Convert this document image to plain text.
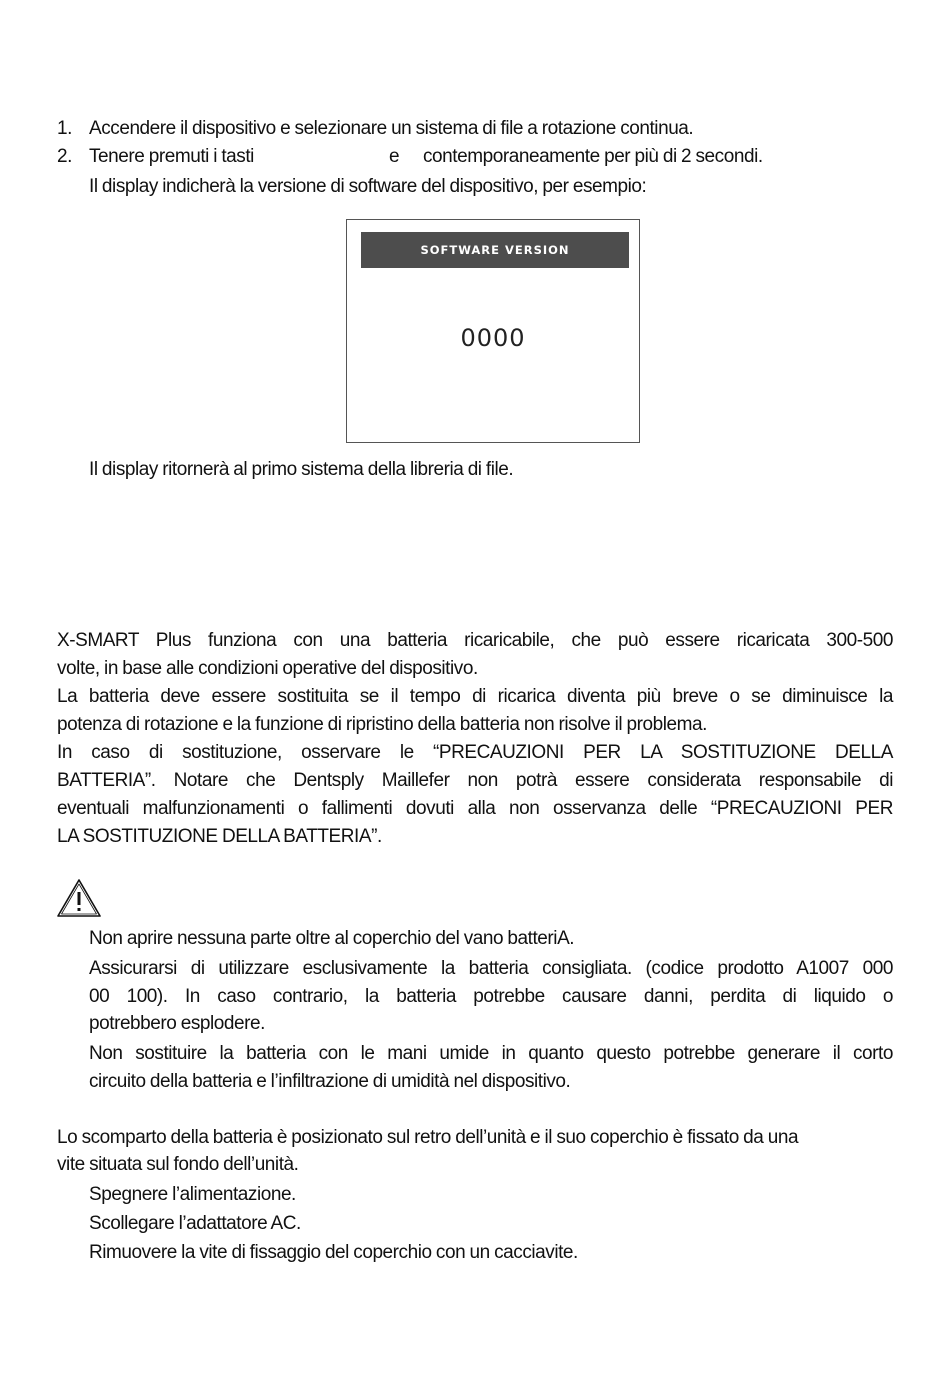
1. Accendere il dispositivo e selezionare un sistema di file a rotazione continua.
2. Tenere premuti i tasti	e contemporaneamente per più di 2 secondi.
Il display indicherà la versione di software del dispositivo, per esempio:
SOFTWARE VERSION
0000
Il display ritornerà al primo sistema della libreria di file.
X-SMART Plus funziona con una batteria ricaricabile, che può essere ricaricata 300-500
volte, in base alle condizioni operative del dispositivo.
La batteria deve essere sostituita se il tempo di ricarica diventa più breve o se diminuisce la
potenza di rotazione e la funzione di ripristino della batteria non risolve il problema.
In caso di sostituzione, osservare le “PRECAUZIONI PER LA SOSTITUZIONE DELLA
BATTERIA”. Notare che Dentsply Maillefer non potrà essere considerata responsabile di
eventuali malfunzionamenti o fallimenti dovuti alla non osservanza delle “PRECAUZIONI PER
LA SOSTITUZIONE DELLA BATTERIA”.
Non aprire nessuna parte oltre al coperchio del vano batteriA.
Assicurarsi di utilizzare esclusivamente la batteria consigliata. (codice prodotto A1007 000
00 100). In caso contrario, la batteria potrebbe causare danni, perdita di liquido o
potrebbero esplodere.
Non sostituire la batteria con le mani umide in quanto questo potrebbe generare il corto
circuito della batteria e l’infiltrazione di umidità nel dispositivo.
Lo scomparto della batteria è posizionato sul retro dell’unità e il suo coperchio è fissato da una
vite situata sul fondo dell’unità.
Spegnere l’alimentazione.
Scollegare l’adattatore AC.
Rimuovere la vite di fissaggio del coperchio con un cacciavite.
